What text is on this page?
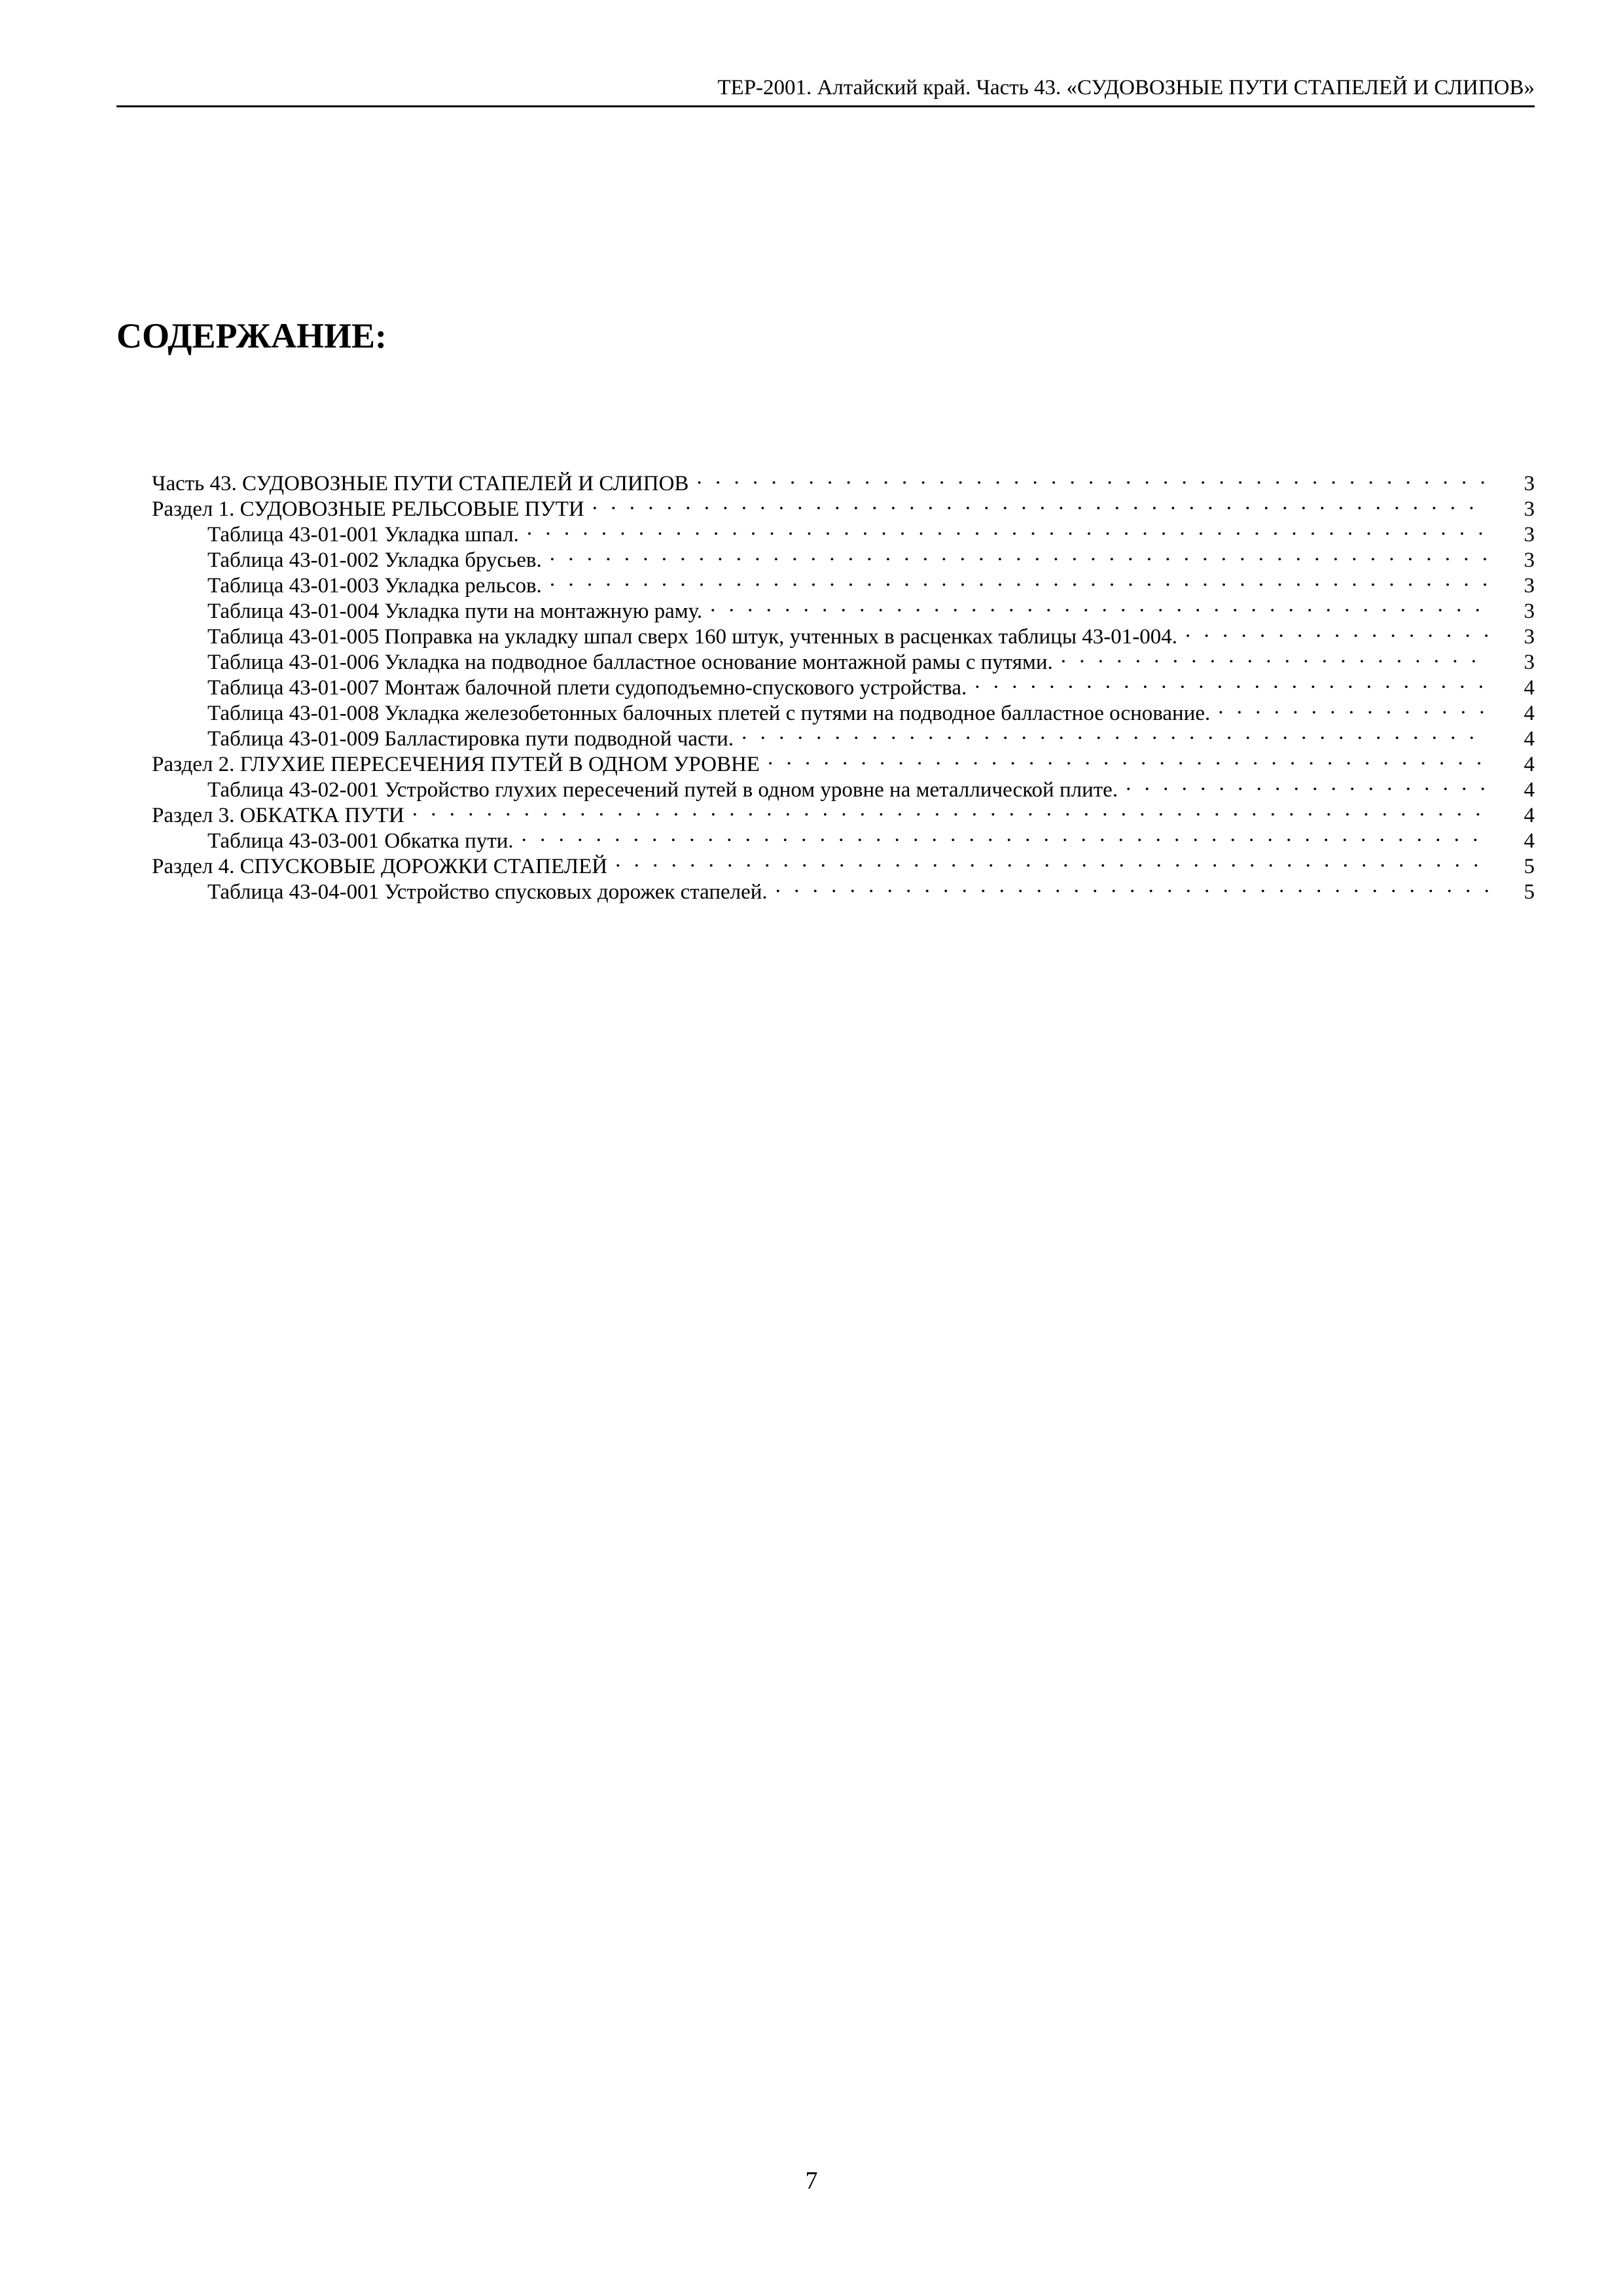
ТЕР-2001. Алтайский край. Часть 43. «СУДОВОЗНЫЕ ПУТИ СТАПЕЛЕЙ И СЛИПОВ»
СОДЕРЖАНИЕ:
Часть 43. СУДОВОЗНЫЕ ПУТИ СТАПЕЛЕЙ И СЛИПОВ . . .	3
Раздел 1. СУДОВОЗНЫЕ РЕЛЬСОВЫЕ ПУТИ . . .	3
Таблица 43-01-001 Укладка шпал. . . .	3
Таблица 43-01-002 Укладка брусьев. . . .	3
Таблица 43-01-003 Укладка рельсов. . . .	3
Таблица 43-01-004 Укладка пути на монтажную раму. . . .	3
Таблица 43-01-005 Поправка на укладку шпал сверх 160 штук, учтенных в расценках таблицы 43-01-004. . . .	3
Таблица 43-01-006 Укладка на подводное балластное основание монтажной рамы с путями. . . .	3
Таблица 43-01-007 Монтаж балочной плети судоподъемно-спускового устройства. . . .	4
Таблица 43-01-008 Укладка железобетонных балочных плетей с путями на подводное балластное основание. . . .	4
Таблица 43-01-009 Балластировка пути подводной части. . . .	4
Раздел 2. ГЛУХИЕ ПЕРЕСЕЧЕНИЯ ПУТЕЙ В ОДНОМ УРОВНЕ . . .	4
Таблица 43-02-001 Устройство глухих пересечений путей в одном уровне на металлической плите. . . .	4
Раздел 3. ОБКАТКА ПУТИ . . .	4
Таблица 43-03-001 Обкатка пути. . . .	4
Раздел 4. СПУСКОВЫЕ ДОРОЖКИ СТАПЕЛЕЙ . . .	5
Таблица 43-04-001 Устройство спусковых дорожек стапелей. . . .	5
7
